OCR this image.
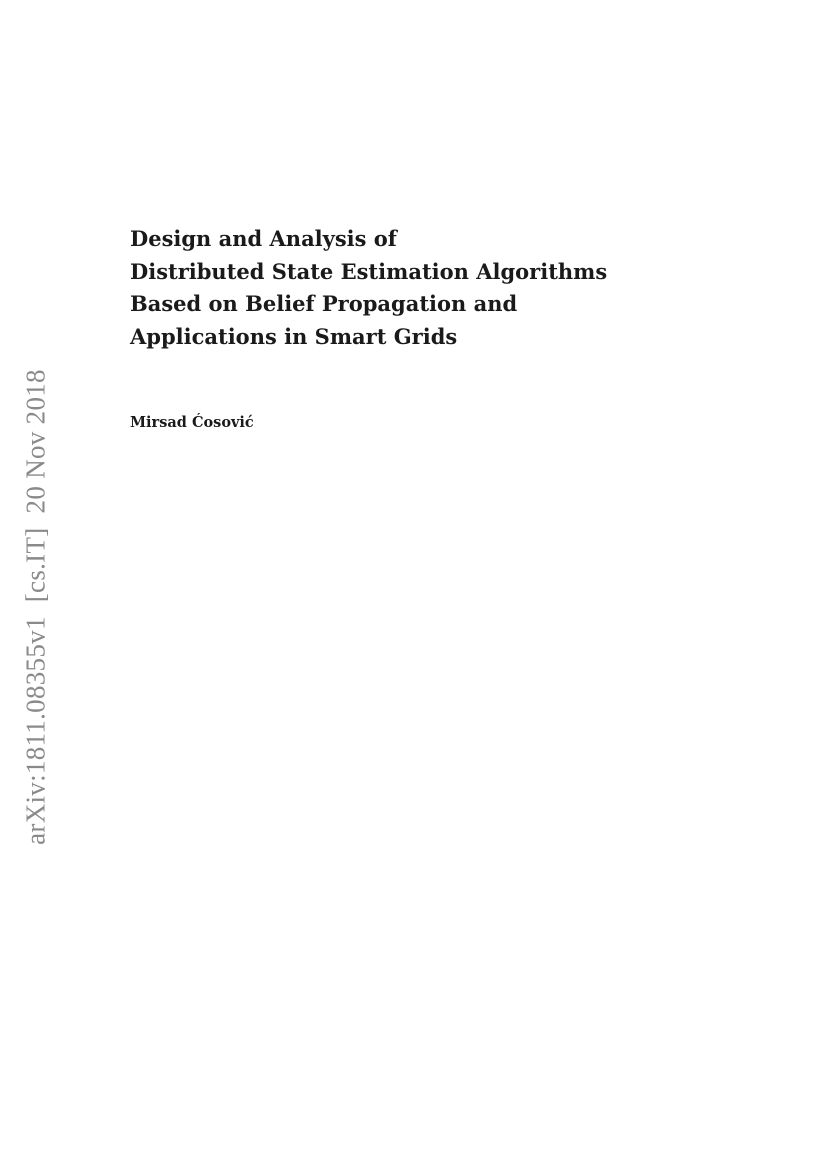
arXiv:1811.08355v1[cs.IT]20 Nov 2018
Design and Analysis of
Distributed State Estimation Algorithms
Based on Belief Propagation and
Applications in Smart Grids
Mirsad Ćosović
